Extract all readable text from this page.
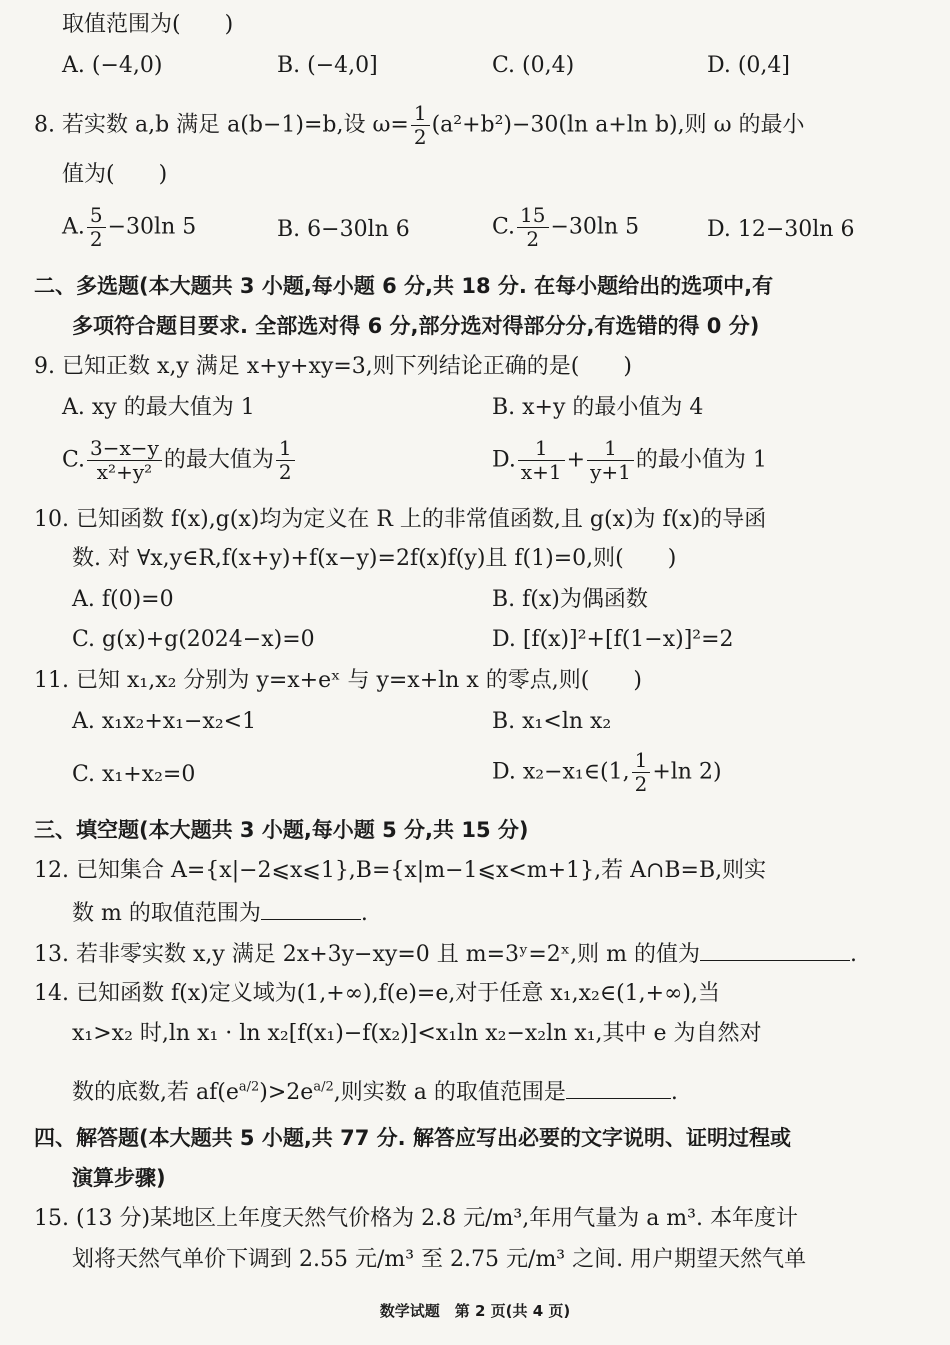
取值范围为(　　)
A. (−4,0)	B. (−4,0]	C. (0,4)	D. (0,4]
8. 若实数 a,b 满足 a(b−1)=b,设 $\omega= \frac{1}{2} (a^2+b^2)-30(\ln$ a+ln b),则 ω 的最小
值为(　　)
A. $\frac{5}{2} -30\ln$ 5	B. 6−30ln 6	C. $\frac{15}{2} -30\ln$ 5	D. 12−30ln 6
二、多选题(本大题共 3 小题,每小题 6 分,共 18 分. 在每小题给出的选项中,有
多项符合题目要求. 全部选对得 6 分,部分选对得部分分,有选错的得 0 分)
9. 已知正数 x,y 满足 x+y+xy=3,则下列结论正确的是(　　)
A. xy 的最大值为 1	B. x+y 的最小值为 4
C. $\frac{3-x-y}{\text{x²+y²}}$ 的最大值为 $\frac{1}{2}$	D. $\frac{1}{x+1} + \frac{1}{y+1}$ 的最小值为 1
10. 已知函数 f(x),g(x)均为定义在 R 上的非常值函数,且 g(x)为 f(x)的导函
数. 对 ∀x,y∈R,f(x+y)+f(x−y)=2f(x)f(y)且 f(1)=0,则(　　)
A. f(0)=0	B. f(x)为偶函数
C. g(x)+g(2024−x)=0	D. [f(x)]²+[f(1−x)]²=2
11. 已知 x₁,x₂ 分别为 y=x+eˣ 与 y=x+ln x 的零点,则(　　)
A. x₁x₂+x₁−x₂<1	B. x₁<ln x₂
C. x₁+x₂=0	D. x₂−x₁∈(1, $\frac{1}{2} +\ln$ 2)
三、填空题(本大题共 3 小题,每小题 5 分,共 15 分)
12. 已知集合 A={x|−2⩽x⩽1},B={x|m−1⩽x<m+1},若 A∩B=B,则实
数 m 的取值范围为	.
13. 若非零实数 x,y 满足 2x+3y−xy=0 且 m=3ʸ=2ˣ,则 m 的值为	.
14. 已知函数 f(x)定义域为(1,+∞),f(e)=e,对于任意 x₁,x₂∈(1,+∞),当
x₁>x₂ 时,ln x₁ · ln x₂[f(x₁)−f(x₂)]<x₁ln x₂−x₂ln x₁,其中 e 为自然对
数的底数,若 $af(e^{a/2})>2e^{a/2}$,则实数 a 的取值范围是	.
四、解答题(本大题共 5 小题,共 77 分. 解答应写出必要的文字说明、证明过程或
演算步骤)
15. (13 分)某地区上年度天然气价格为 2.8 元/m³,年用气量为 a m³. 本年度计
划将天然气单价下调到 2.55 元/m³ 至 2.75 元/m³ 之间. 用户期望天然气单
数学试题　第 2 页(共 4 页)
